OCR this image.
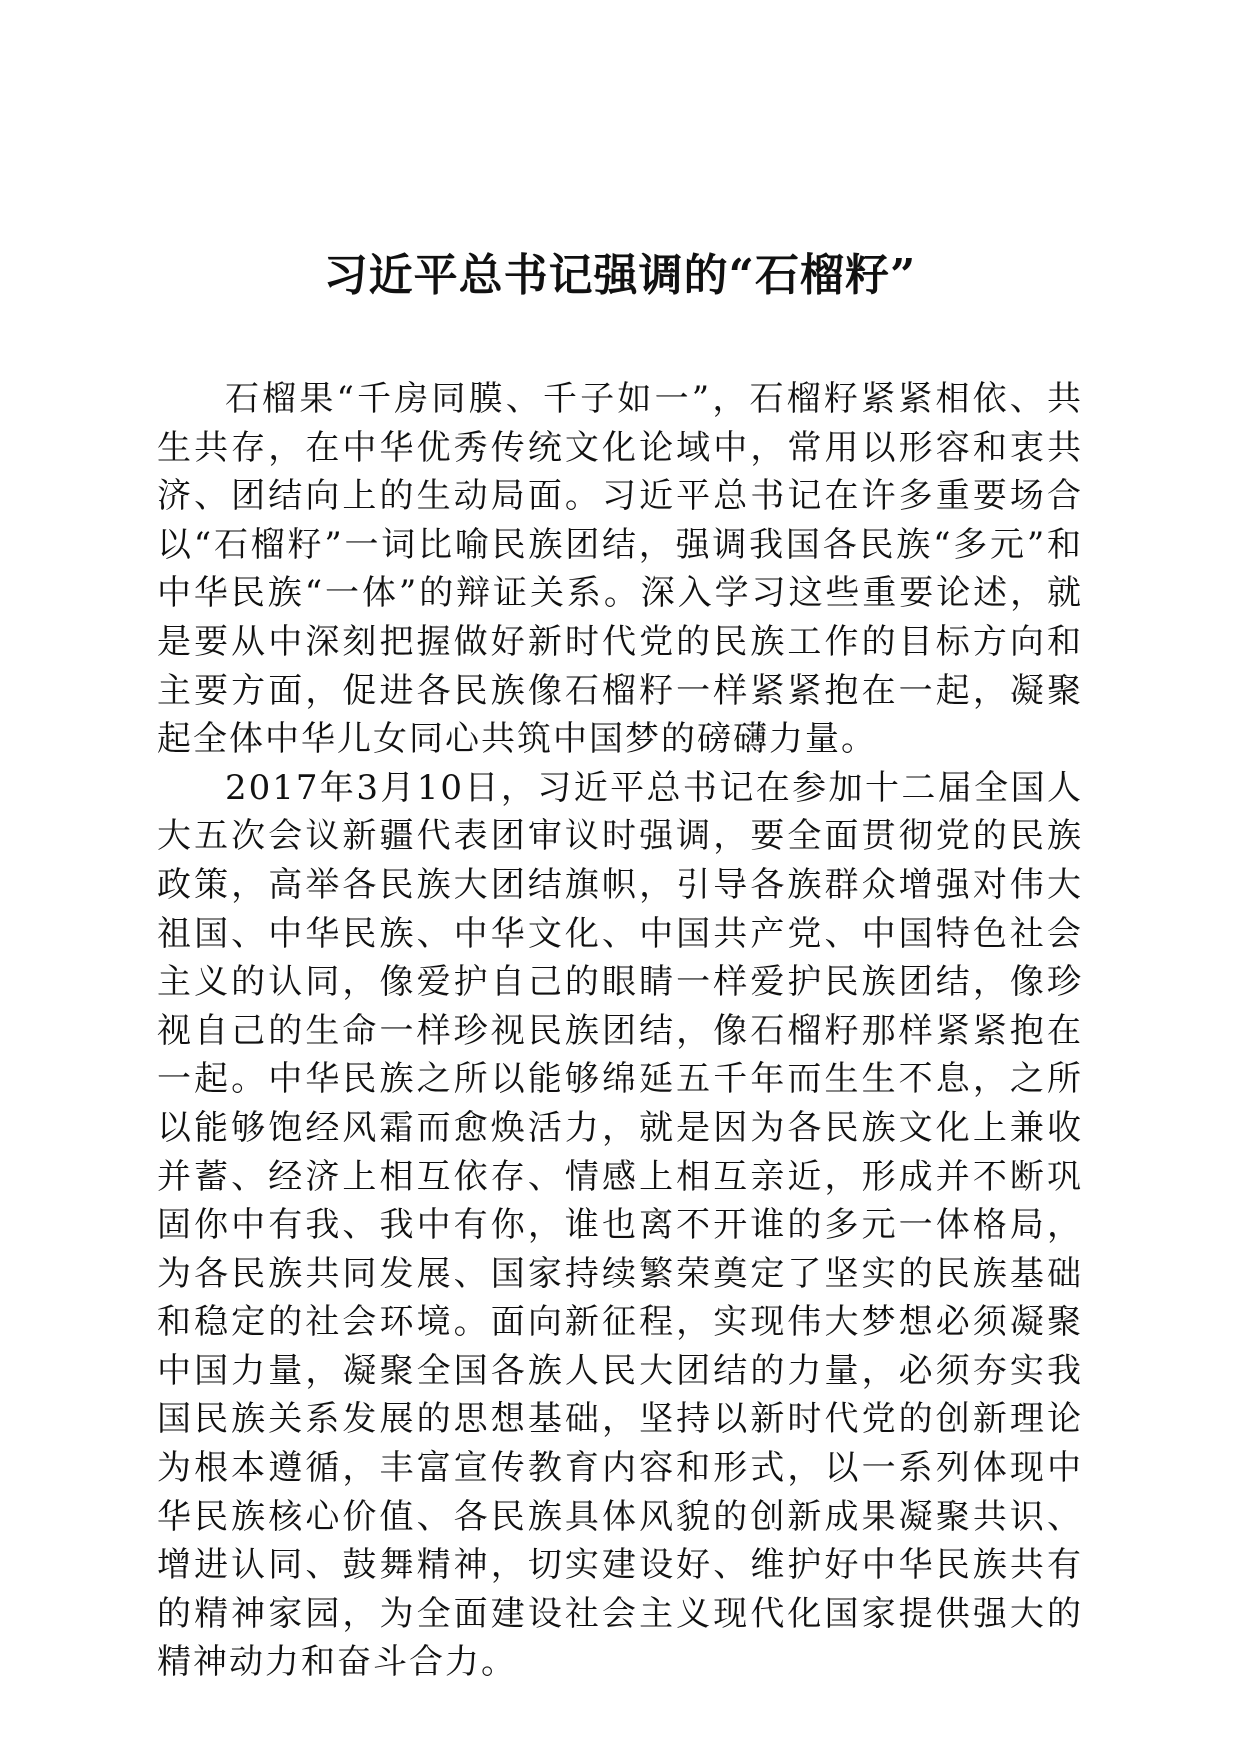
习近平总书记强调的“石榴籽”

石榴果“千房同膜、千子如一”，石榴籽紧紧相依、共生共存，在中华优秀传统文化论域中，常用以形容和衷共济、团结向上的生动局面。习近平总书记在许多重要场合以“石榴籽”一词比喻民族团结，强调我国各民族“多元”和中华民族“一体”的辩证关系。深入学习这些重要论述，就是要从中深刻把握做好新时代党的民族工作的目标方向和主要方面，促进各民族像石榴籽一样紧紧抱在一起，凝聚起全体中华儿女同心共筑中国梦的磅礴力量。

2017年3月10日，习近平总书记在参加十二届全国人大五次会议新疆代表团审议时强调，要全面贯彻党的民族政策，高举各民族大团结旗帜，引导各族群众增强对伟大祖国、中华民族、中华文化、中国共产党、中国特色社会主义的认同，像爱护自己的眼睛一样爱护民族团结，像珍视自己的生命一样珍视民族团结，像石榴籽那样紧紧抱在一起。中华民族之所以能够绵延五千年而生生不息，之所以能够饱经风霜而愈焕活力，就是因为各民族文化上兼收并蓄、经济上相互依存、情感上相互亲近，形成并不断巩固你中有我、我中有你，谁也离不开谁的多元一体格局，为各民族共同发展、国家持续繁荣奠定了坚实的民族基础和稳定的社会环境。面向新征程，实现伟大梦想必须凝聚中国力量，凝聚全国各族人民大团结的力量，必须夯实我国民族关系发展的思想基础，坚持以新时代党的创新理论为根本遵循，丰富宣传教育内容和形式，以一系列体现中华民族核心价值、各民族具体风貌的创新成果凝聚共识、增进认同、鼓舞精神，切实建设好、维护好中华民族共有的精神家园，为全面建设社会主义现代化国家提供强大的精神动力和奋斗合力。
